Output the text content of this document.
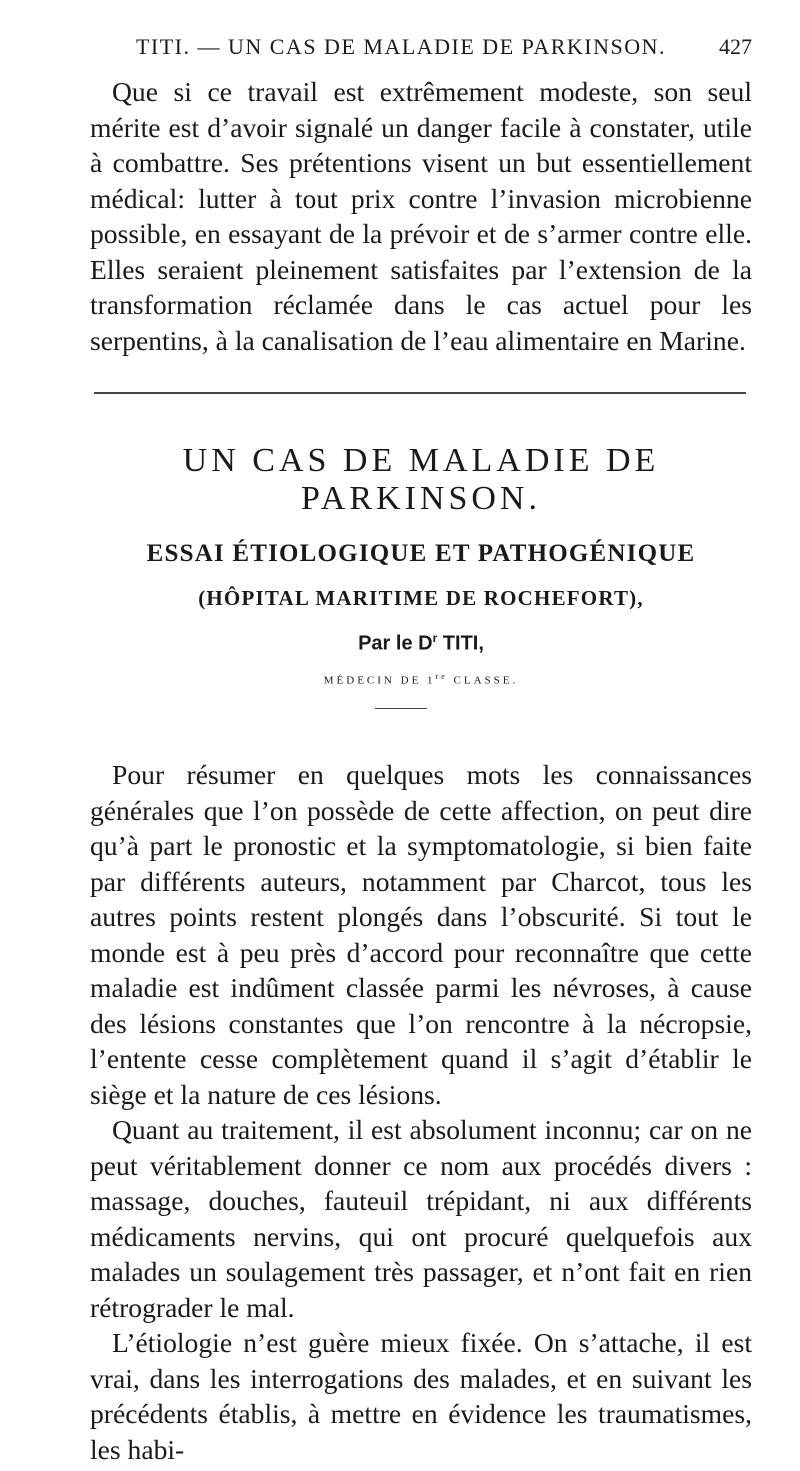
TITI. — UN CAS DE MALADIE DE PARKINSON. 427

Que si ce travail est extrêmement modeste, son seul mérite est d’avoir signalé un danger facile à constater, utile à combattre. Ses prétentions visent un but essentiellement médical: lutter à tout prix contre l’invasion microbienne possible, en essayant de la prévoir et de s’armer contre elle. Elles seraient pleinement satisfaites par l’extension de la transformation réclamée dans le cas actuel pour les serpentins, à la canalisation de l’eau alimentaire en Marine.

UN CAS DE MALADIE DE PARKINSON.
ESSAI ÉTIOLOGIQUE ET PATHOGÉNIQUE
(HÔPITAL MARITIME DE ROCHEFORT),
Par le $D^r$ TITI,
MÉDECIN DE 1re CLASSE.

Pour résumer en quelques mots les connaissances générales que l’on possède de cette affection, on peut dire qu’à part le pronostic et la symptomatologie, si bien faite par différents auteurs, notamment par Charcot, tous les autres points restent plongés dans l’obscurité. Si tout le monde est à peu près d’accord pour reconnaître que cette maladie est indûment classée parmi les névroses, à cause des lésions constantes que l’on rencontre à la nécropsie, l’entente cesse complètement quand il s’agit d’établir le siège et la nature de ces lésions.

Quant au traitement, il est absolument inconnu; car on ne peut véritablement donner ce nom aux procédés divers : massage, douches, fauteuil trépidant, ni aux différents médicaments nervins, qui ont procuré quelquefois aux malades un soulagement très passager, et n’ont fait en rien rétrograder le mal.

L’étiologie n’est guère mieux fixée. On s’attache, il est vrai, dans les interrogations des malades, et en suivant les précédents établis, à mettre en évidence les traumatismes, les habi-
